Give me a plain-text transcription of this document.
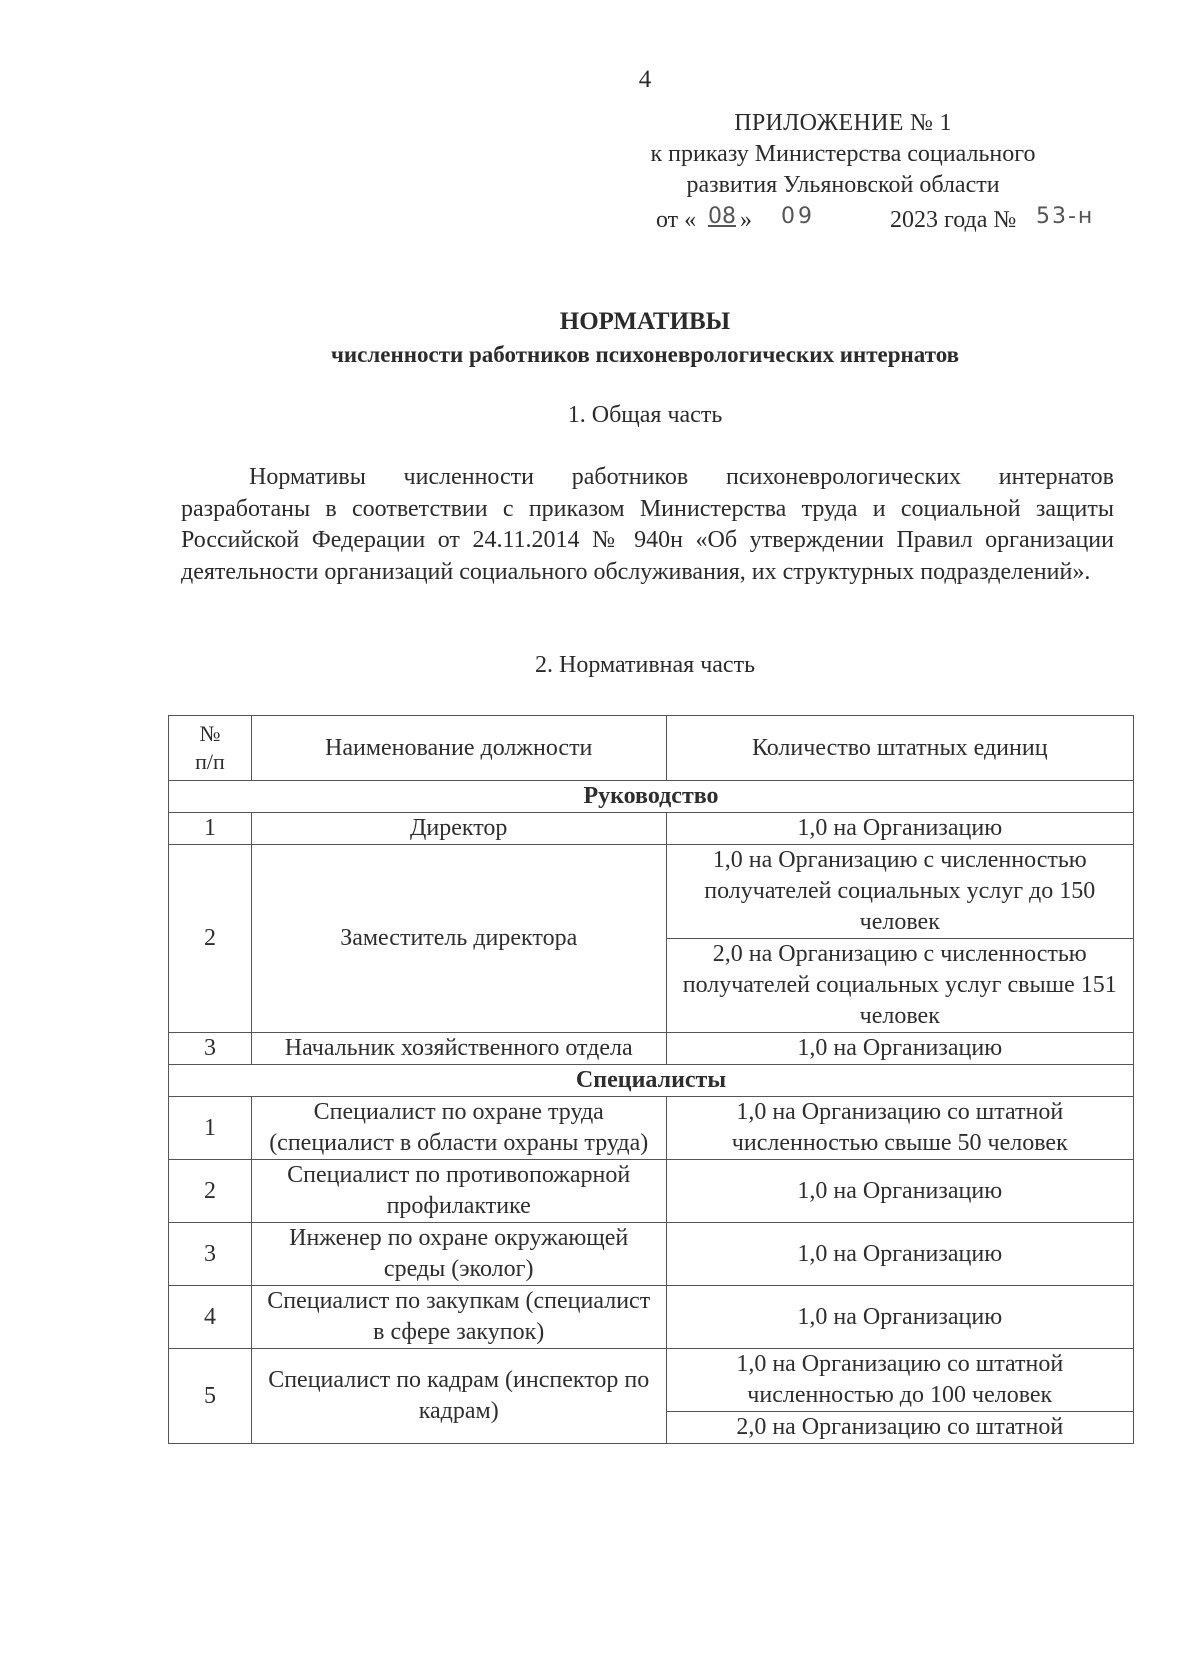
4
ПРИЛОЖЕНИЕ № 1
к приказу Министерства социального
развития Ульяновской области
от « 08 » 09	2023 года № 53-н
НОРМАТИВЫ
численности работников психоневрологических интернатов
1. Общая часть
Нормативы численности работников психоневрологических интернатов разработаны в соответствии с приказом Министерства труда и социальной защиты Российской Федерации от 24.11.2014 № 940н «Об утверждении Правил организации деятельности организаций социального обслуживания, их структурных подразделений».
2. Нормативная часть
№
п/п	Наименование должности	Количество штатных единиц
Руководство		
1	Директор	1,0 на Организацию
2	Заместитель директора	1,0 на Организацию с численностью получателей социальных услуг до 150 человек
		2,0 на Организацию с численностью получателей социальных услуг свыше 151 человек
3	Начальник хозяйственного отдела	1,0 на Организацию
Специалисты		
1	Специалист по охране труда (специалист в области охраны труда)	1,0 на Организацию со штатной численностью свыше 50 человек
2	Специалист по противопожарной профилактике	1,0 на Организацию
3	Инженер по охране окружающей среды (эколог)	1,0 на Организацию
4	Специалист по закупкам (специалист в сфере закупок)	1,0 на Организацию
5	Специалист по кадрам (инспектор по кадрам)	1,0 на Организацию со штатной численностью до 100 человек
		2,0 на Организацию со штатной
